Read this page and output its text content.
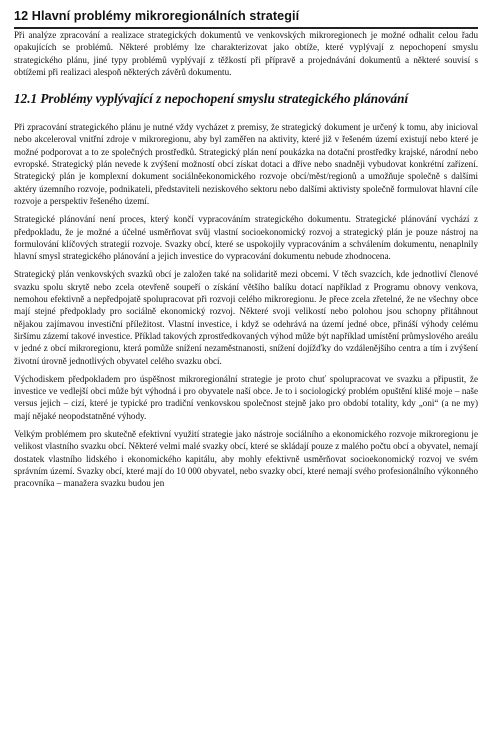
12 Hlavní problémy mikroregionálních strategií

Při analýze zpracování a realizace strategických dokumentů ve venkovských mikroregionech je možné odhalit celou řadu opakujících se problémů. Některé problémy lze charakterizovat jako obtíže, které vyplývají z nepochopení smyslu strategického plánu, jiné typy problémů vyplývají z těžkostí při přípravě a projednávání dokumentů a některé souvisí s obtížemi při realizaci alespoň některých závěrů dokumentu.

12.1 Problémy vyplývající z nepochopení smyslu strategického plánování

Při zpracování strategického plánu je nutné vždy vycházet z premisy, že strategický dokument je určený k tomu, aby inicioval nebo akceleroval vnitřní zdroje v mikroregionu, aby byl zaměřen na aktivity, které již v řešeném území existují nebo které je možné podporovat a to ze společných prostředků. Strategický plán není poukázka na dotační prostředky krajské, národní nebo evropské. Strategický plán nevede k zvýšení možností obcí získat dotaci a dříve nebo snadněji vybudovat konkrétní zařízení. Strategický plán je komplexní dokument sociálněekonomického rozvoje obcí/měst/regionů a umožňuje společně s dalšími aktéry územního rozvoje, podnikateli, představiteli neziskového sektoru nebo dalšími aktivisty společně formulovat hlavní cíle rozvoje a perspektiv řešeného území.

Strategické plánování není proces, který končí vypracováním strategického dokumentu. Strategické plánování vychází z předpokladu, že je možné a účelné usměrňovat svůj vlastní socioekonomický rozvoj a strategický plán je pouze nástroj na formulování klíčových strategií rozvoje. Svazky obcí, které se uspokojily vypracováním a schválením dokumentu, nenaplnily hlavní smysl strategického plánování a jejich investice do vypracování dokumentu nebude zhodnocena.

Strategický plán venkovských svazků obcí je založen také na solidaritě mezi obcemi. V těch svazcích, kde jednotliví členové svazku spolu skrytě nebo zcela otevřeně soupeří o získání většího balíku dotací například z Programu obnovy venkova, nemohou efektivně a nepředpojatě spolupracovat při rozvoji celého mikroregionu. Je přece zcela zřetelné, že ne všechny obce mají stejné předpoklady pro sociálně ekonomický rozvoj. Některé svoji velikostí nebo polohou jsou schopny přitáhnout nějakou zajímavou investiční příležitost. Vlastní investice, i když se odehrává na území jedné obce, přináší výhody celému širšímu zázemí takové investice. Příklad takových zprostředkovaných výhod může být například umístění průmyslového areálu v jedné z obcí mikroregionu, která pomůže snížení nezaměstnanosti, snížení dojížďky do vzdálenějšího centra a tím i zvýšení životní úrovně jednotlivých obyvatel celého svazku obcí.

Východiskem předpokladem pro úspěšnost mikroregionální strategie je proto chuť spolupracovat ve svazku a připustit, že investice ve vedlejší obci může být výhodná i pro obyvatele naší obce. Je to i sociologický problém opuštění klišé moje – naše versus jejich – cizí, které je typické pro tradiční venkovskou společnost stejně jako pro období totality, kdy „oni“ (a ne my) mají nějaké neopodstatněné výhody.

Velkým problémem pro skutečně efektivní využití strategie jako nástroje sociálního a ekonomického rozvoje mikroregionu je velikost vlastního svazku obcí. Některé velmi malé svazky obcí, které se skládají pouze z malého počtu obcí a obyvatel, nemají dostatek vlastního lidského i ekonomického kapitálu, aby mohly efektivně usměrňovat socioekonomický rozvoj ve svém správním území. Svazky obcí, které mají do 10 000 obyvatel, nebo svazky obcí, které nemají svého profesionálního výkonného pracovníka – manažera svazku budou jen
